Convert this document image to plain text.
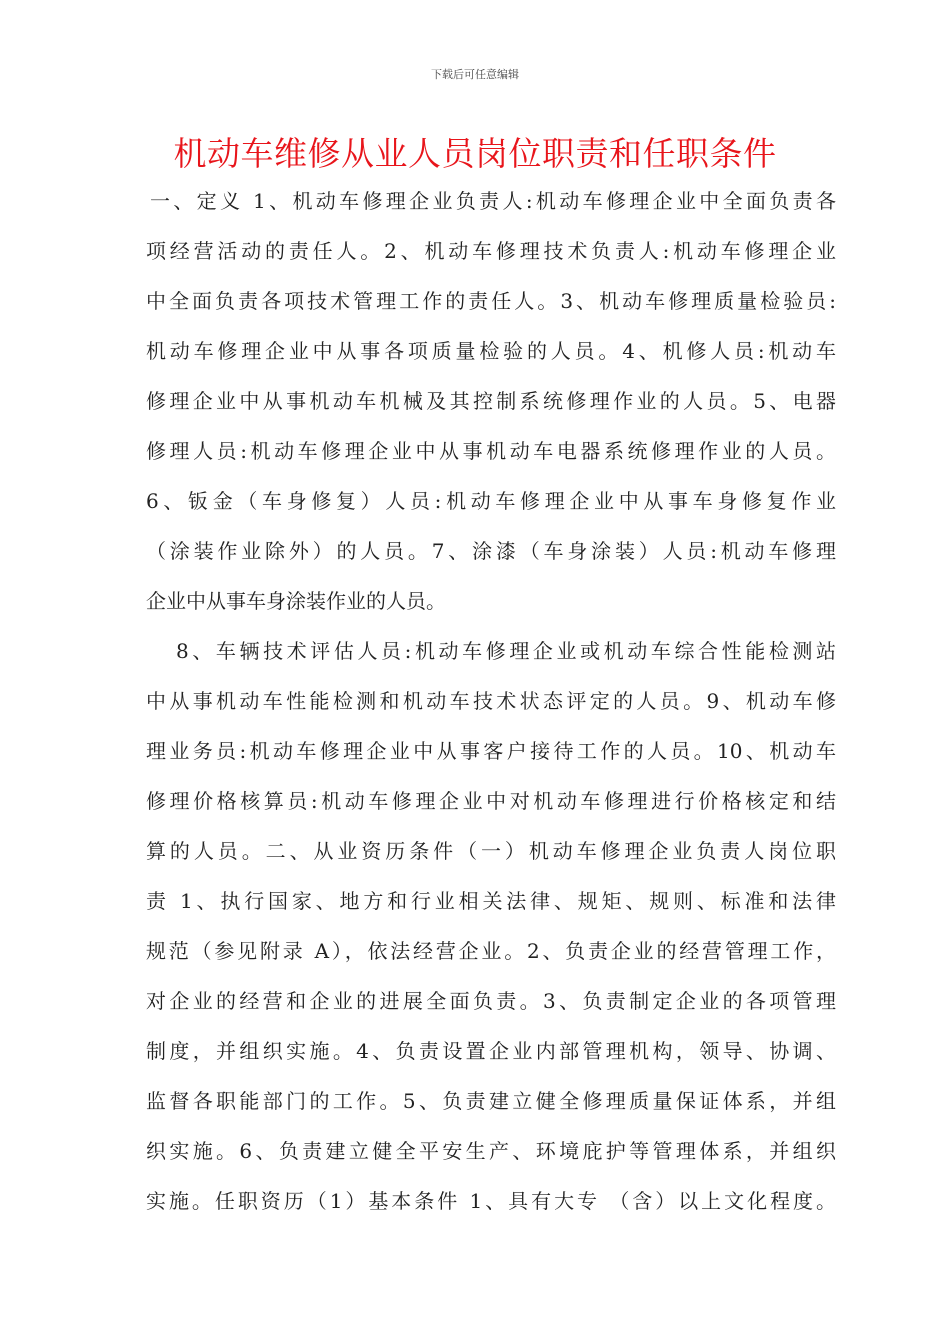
下载后可任意编辑
机动车维修从业人员岗位职责和任职条件
一、定义 1、机动车修理企业负责人:机动车修理企业中全面负责各
项经营活动的责任人。2、机动车修理技术负责人:机动车修理企业
中全面负责各项技术管理工作的责任人。3、机动车修理质量检验员:
机动车修理企业中从事各项质量检验的人员。4、机修人员:机动车
修理企业中从事机动车机械及其控制系统修理作业的人员。5、电器
修理人员:机动车修理企业中从事机动车电器系统修理作业的人员。
6、钣金（车身修复）人员:机动车修理企业中从事车身修复作业
（涂装作业除外）的人员。7、涂漆（车身涂装）人员:机动车修理
企业中从事车身涂装作业的人员。
8、车辆技术评估人员:机动车修理企业或机动车综合性能检测站
中从事机动车性能检测和机动车技术状态评定的人员。9、机动车修
理业务员:机动车修理企业中从事客户接待工作的人员。10、机动车
修理价格核算员:机动车修理企业中对机动车修理进行价格核定和结
算的人员。二、从业资历条件（一）机动车修理企业负责人岗位职
责 1、执行国家、地方和行业相关法律、规矩、规则、标准和法律
规范（参见附录 A），依法经营企业。2、负责企业的经营管理工作，
对企业的经营和企业的进展全面负责。3、负责制定企业的各项管理
制度，并组织实施。4、负责设置企业内部管理机构，领导、协调、
监督各职能部门的工作。5、负责建立健全修理质量保证体系，并组
织实施。6、负责建立健全平安生产、环境庇护等管理体系，并组织
实施。任职资历（1）基本条件 1、具有大专 （含）以上文化程度。
